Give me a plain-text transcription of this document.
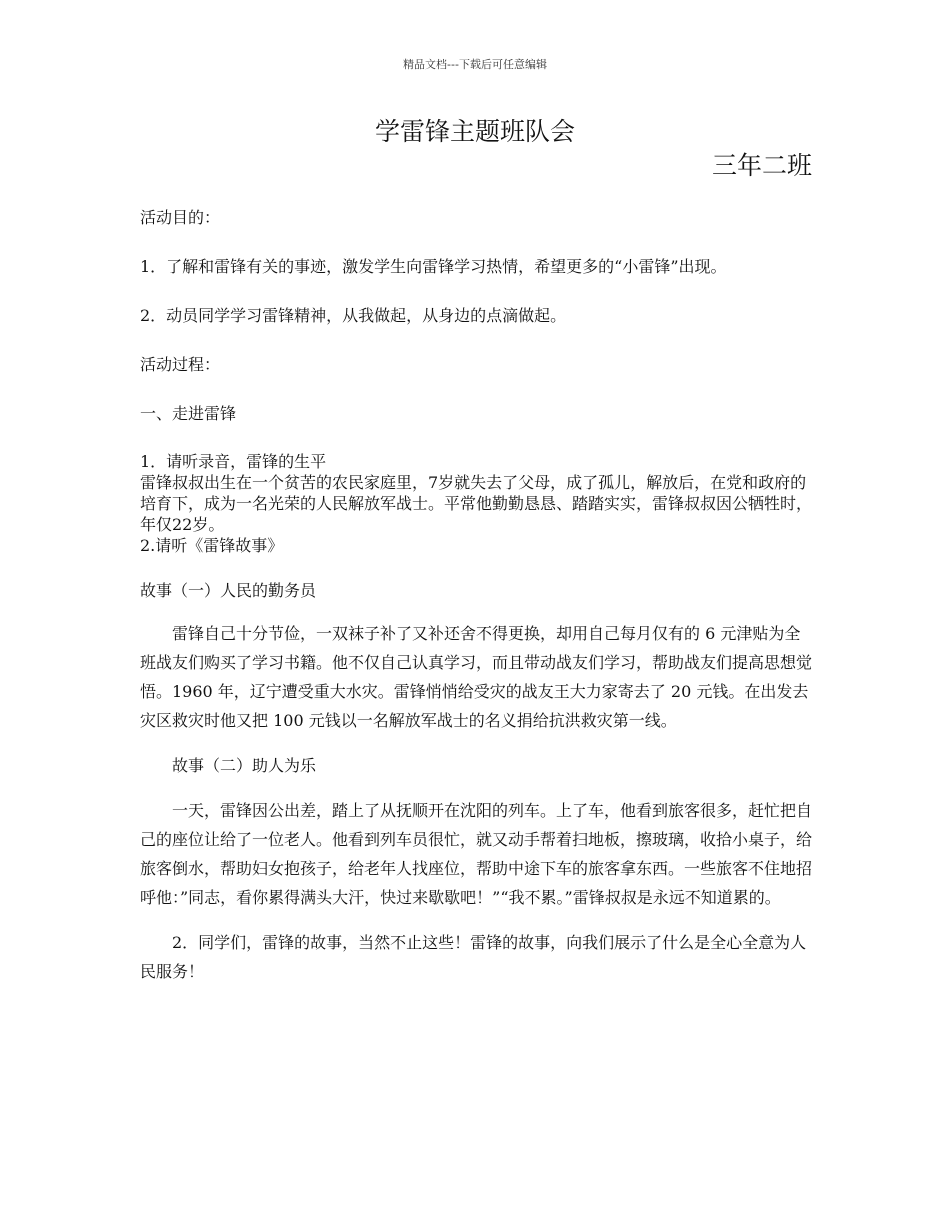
精品文档---下载后可任意编辑
学雷锋主题班队会
三年二班

活动目的：

1．了解和雷锋有关的事迹，激发学生向雷锋学习热情，希望更多的“小雷锋”出现。

2．动员同学学习雷锋精神，从我做起，从身边的点滴做起。

活动过程：

一、走进雷锋

1．请听录音，雷锋的生平

雷锋叔叔出生在一个贫苦的农民家庭里，7岁就失去了父母，成了孤儿，解放后，在党和政府的培育下，成为一名光荣的人民解放军战士。平常他勤勤恳恳、踏踏实实，雷锋叔叔因公牺牲时，年仅22岁。

2.请听《雷锋故事》

故事（一）人民的勤务员

雷锋自己十分节俭，一双袜子补了又补还舍不得更换，却用自己每月仅有的 6 元津贴为全班战友们购买了学习书籍。他不仅自己认真学习，而且带动战友们学习，帮助战友们提高思想觉悟。1960 年，辽宁遭受重大水灾。雷锋悄悄给受灾的战友王大力家寄去了 20 元钱。在出发去灾区救灾时他又把 100 元钱以一名解放军战士的名义捐给抗洪救灾第一线。

故事（二）助人为乐

一天，雷锋因公出差，踏上了从抚顺开在沈阳的列车。上了车，他看到旅客很多，赶忙把自己的座位让给了一位老人。他看到列车员很忙，就又动手帮着扫地板，擦玻璃，收拾小桌子，给旅客倒水，帮助妇女抱孩子，给老年人找座位，帮助中途下车的旅客拿东西。一些旅客不住地招呼他：”同志，看你累得满头大汗，快过来歇歇吧！”“我不累。”雷锋叔叔是永远不知道累的。

2．同学们，雷锋的故事，当然不止这些！雷锋的故事，向我们展示了什么是全心全意为人民服务！
